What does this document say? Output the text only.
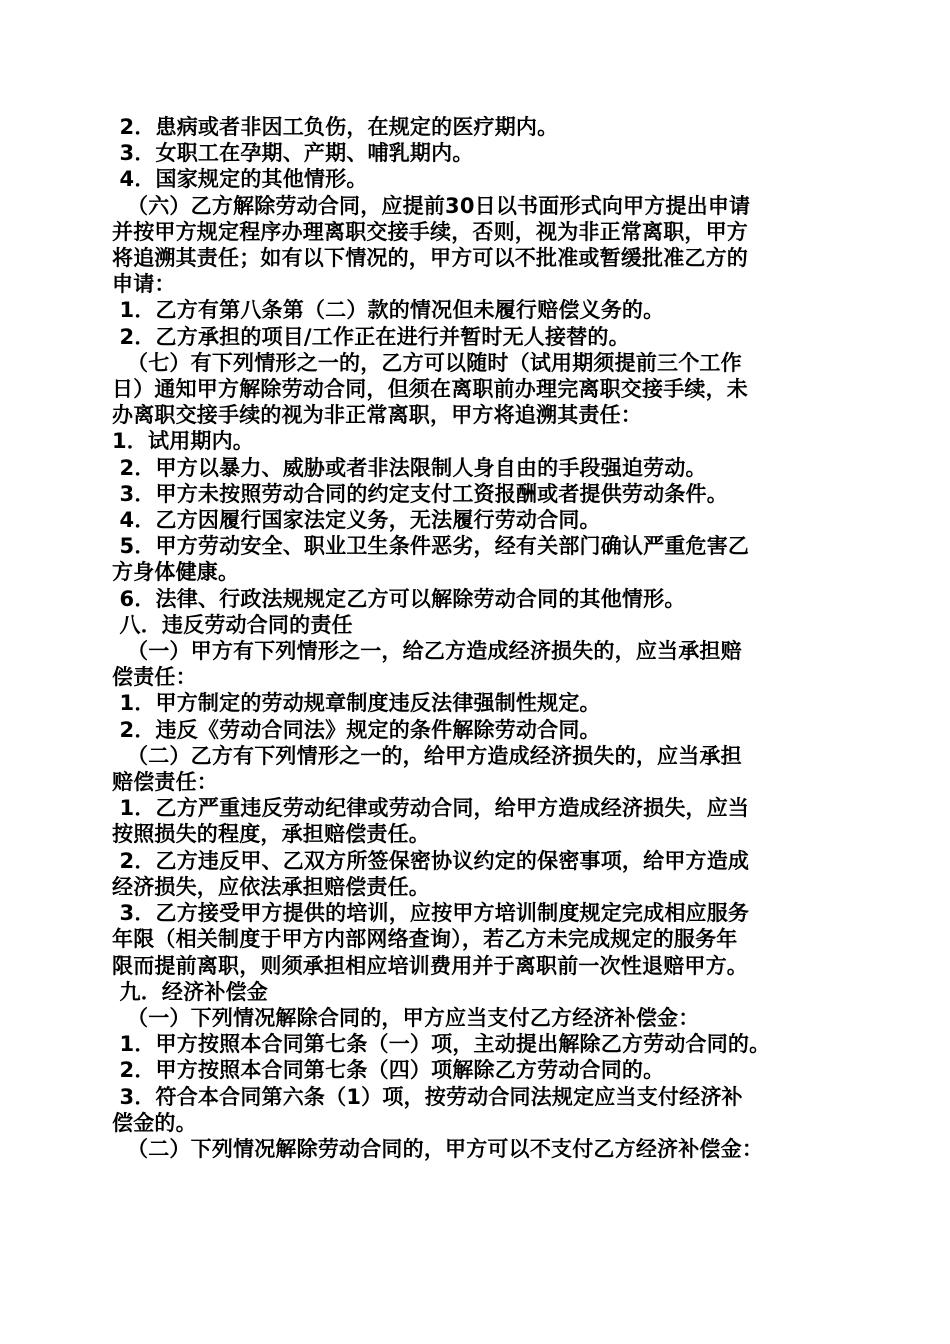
2．患病或者非因工负伤，在规定的医疗期内。

3．女职工在孕期、产期、哺乳期内。

4．国家规定的其他情形。

（六）乙方解除劳动合同，应提前30日以书面形式向甲方提出申请

并按甲方规定程序办理离职交接手续，否则，视为非正常离职，甲方

将追溯其责任；如有以下情况的，甲方可以不批准或暂缓批准乙方的

申请：

1．乙方有第八条第（二）款的情况但未履行赔偿义务的。

2．乙方承担的项目/工作正在进行并暂时无人接替的。

（七）有下列情形之一的，乙方可以随时（试用期须提前三个工作

日）通知甲方解除劳动合同，但须在离职前办理完离职交接手续，未

办离职交接手续的视为非正常离职，甲方将追溯其责任：

1．试用期内。

2．甲方以暴力、威胁或者非法限制人身自由的手段强迫劳动。

3．甲方未按照劳动合同的约定支付工资报酬或者提供劳动条件。

4．乙方因履行国家法定义务，无法履行劳动合同。

5．甲方劳动安全、职业卫生条件恶劣，经有关部门确认严重危害乙

方身体健康。

6．法律、行政法规规定乙方可以解除劳动合同的其他情形。

八．违反劳动合同的责任

（一）甲方有下列情形之一，给乙方造成经济损失的，应当承担赔

偿责任：

1．甲方制定的劳动规章制度违反法律强制性规定。

2．违反《劳动合同法》规定的条件解除劳动合同。

（二）乙方有下列情形之一的，给甲方造成经济损失的，应当承担

赔偿责任：

1．乙方严重违反劳动纪律或劳动合同，给甲方造成经济损失，应当

按照损失的程度，承担赔偿责任。

2．乙方违反甲、乙双方所签保密协议约定的保密事项，给甲方造成

经济损失，应依法承担赔偿责任。

3．乙方接受甲方提供的培训，应按甲方培训制度规定完成相应服务

年限（相关制度于甲方内部网络查询），若乙方未完成规定的服务年

限而提前离职，则须承担相应培训费用并于离职前一次性退赔甲方。

九．经济补偿金

（一）下列情况解除合同的，甲方应当支付乙方经济补偿金：

1．甲方按照本合同第七条（一）项，主动提出解除乙方劳动合同的。

2．甲方按照本合同第七条（四）项解除乙方劳动合同的。

3．符合本合同第六条（1）项，按劳动合同法规定应当支付经济补

偿金的。

（二）下列情况解除劳动合同的，甲方可以不支付乙方经济补偿金：
